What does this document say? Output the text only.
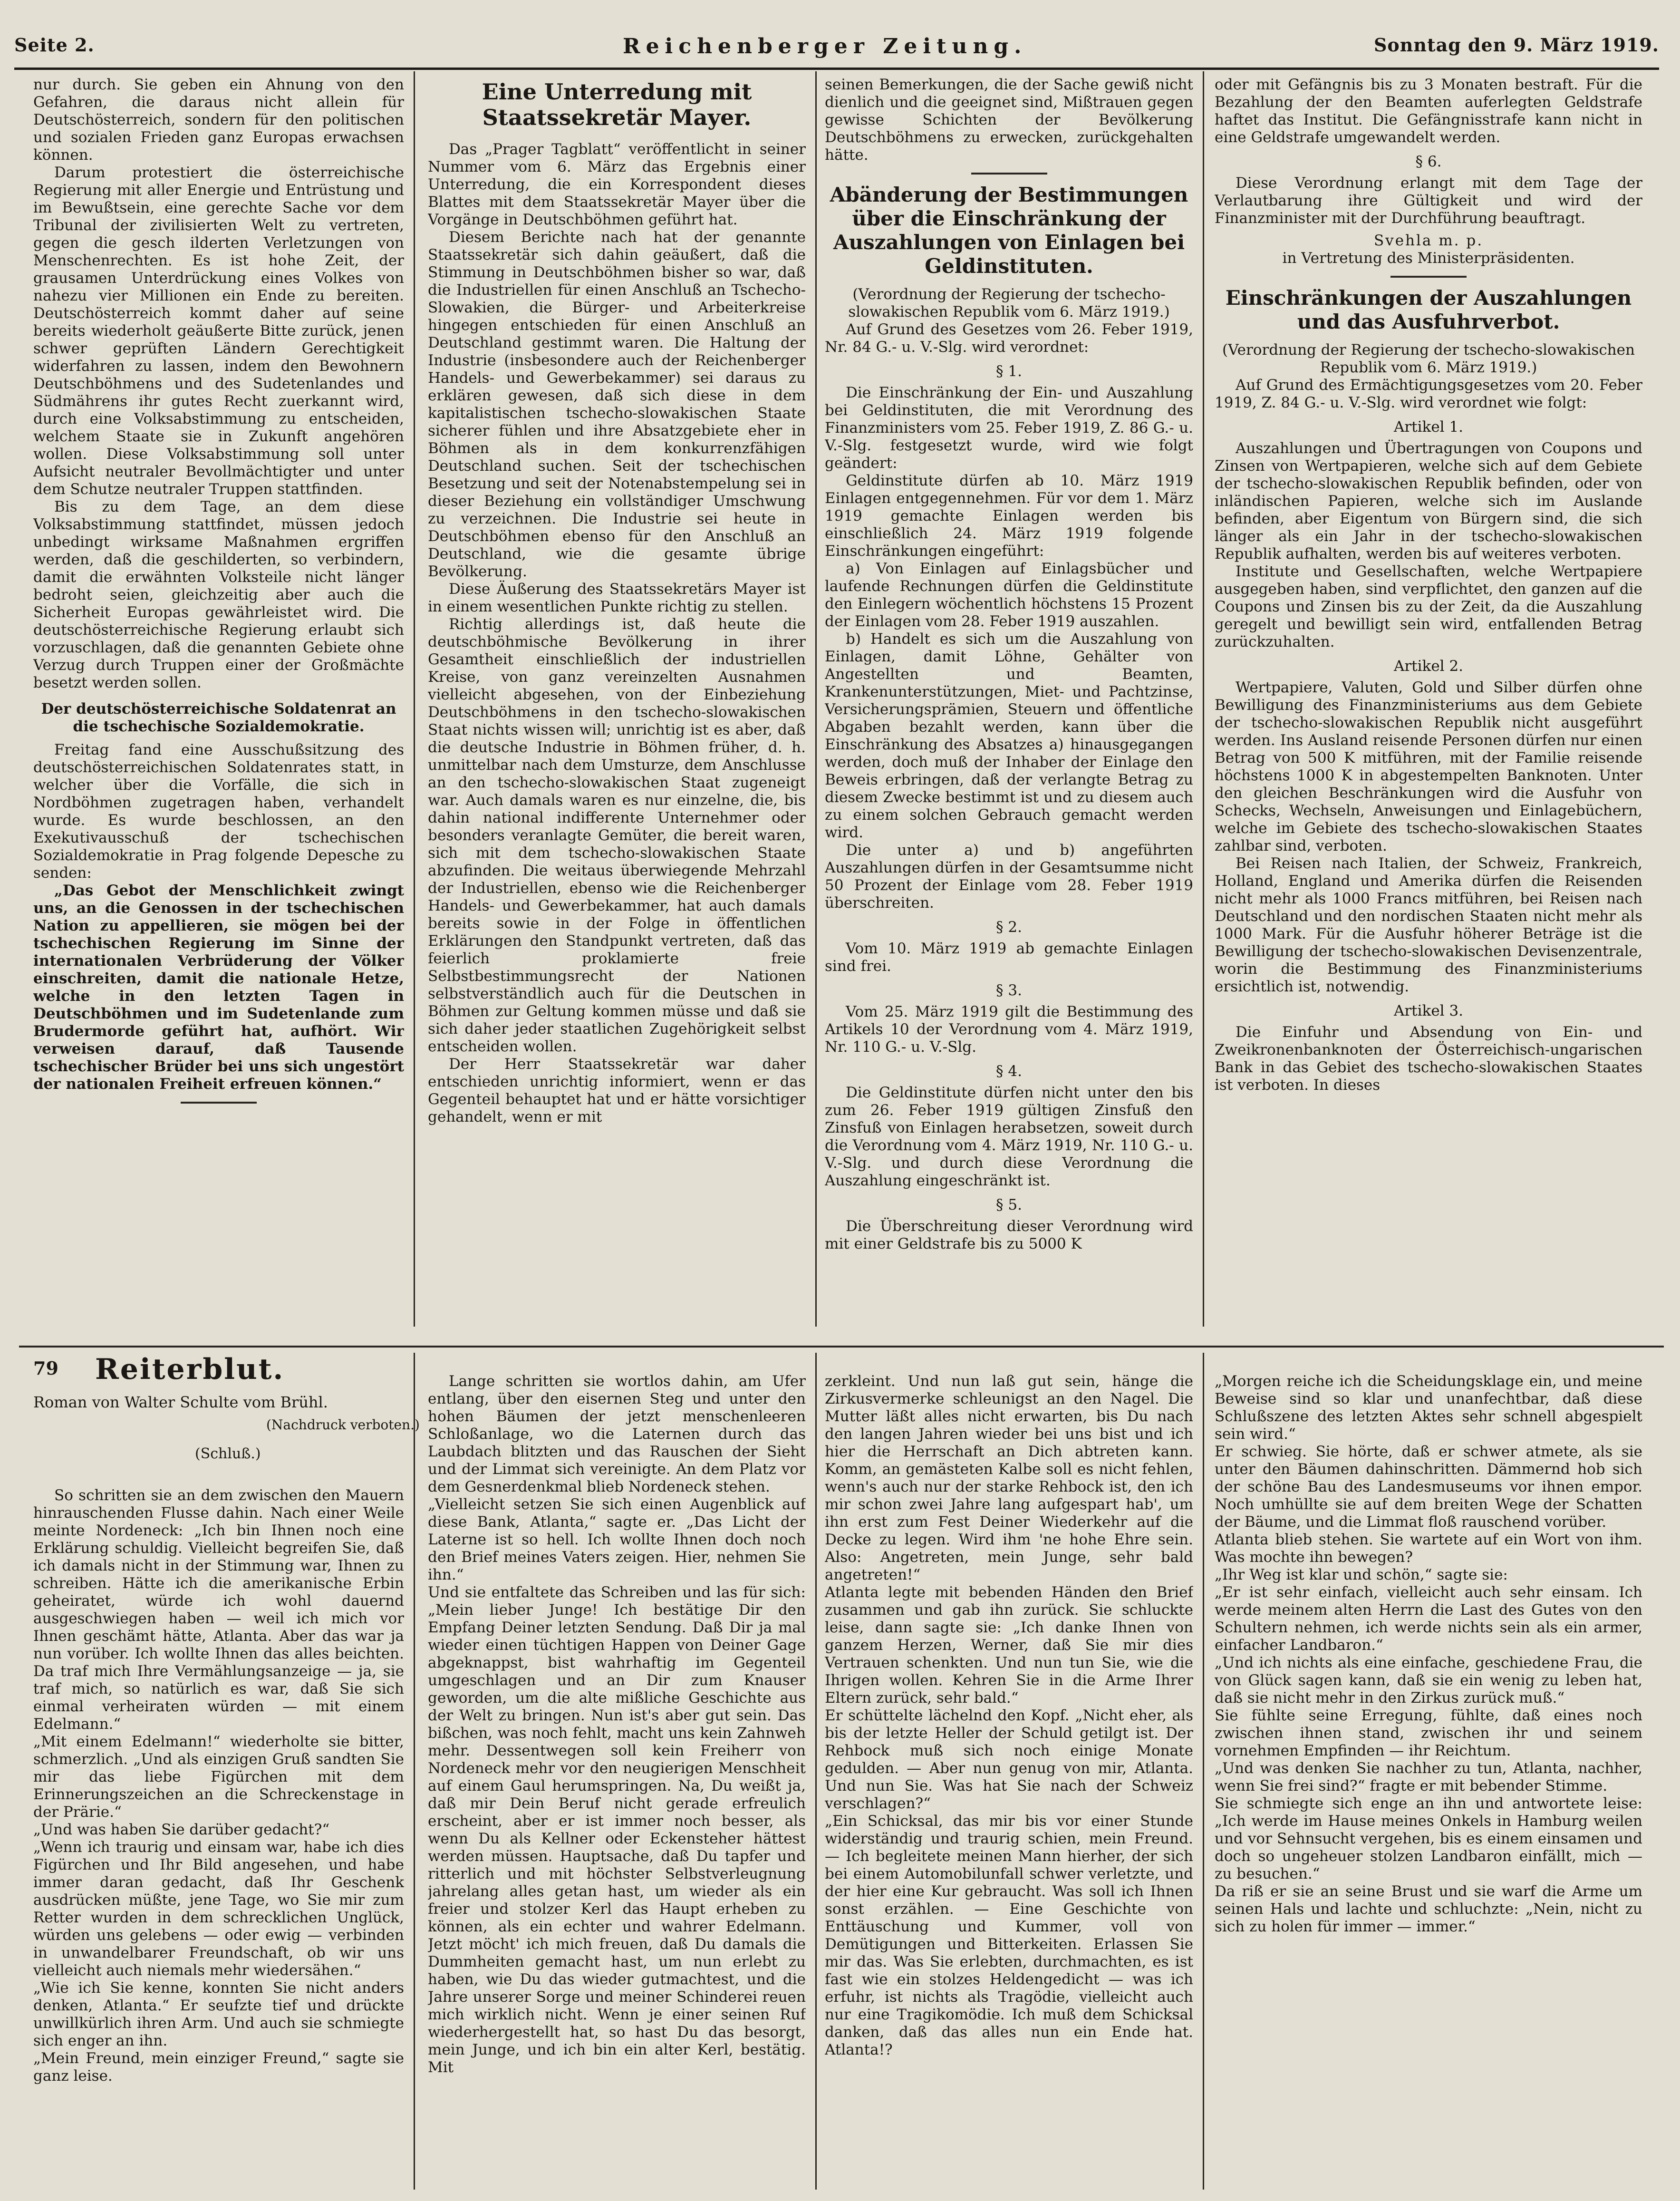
Seite 2.	Reichenberger Zeitung.	Sonntag den 9. März 1919.

nur durch. Sie geben ein Ahnung von den Gefahren, die daraus nicht allein für Deutschösterreich, sondern für den politischen und sozialen Frieden ganz Europas erwachsen können.

Darum protestiert die österreichische Regierung mit aller Energie und Entrüstung und im Bewußtsein, eine gerechte Sache vor dem Tribunal der zivilisierten Welt zu vertreten, gegen die gesch ilderten Verletzungen von Menschenrechten. Es ist hohe Zeit, der grausamen Unterdrückung eines Volkes von nahezu vier Millionen ein Ende zu bereiten. Deutschösterreich kommt daher auf seine bereits wiederholt geäußerte Bitte zurück, jenen schwer geprüften Ländern Gerechtigkeit widerfahren zu lassen, indem den Bewohnern Deutschböhmens und des Sudetenlandes und Südmährens ihr gutes Recht zuerkannt wird, durch eine Volksabstimmung zu entscheiden, welchem Staate sie in Zukunft angehören wollen. Diese Volksabstimmung soll unter Aufsicht neutraler Bevollmächtigter und unter dem Schutze neutraler Truppen stattfinden.

Bis zu dem Tage, an dem diese Volksabstimmung stattfindet, müssen jedoch unbedingt wirksame Maßnahmen ergriffen werden, daß die geschilderten, so verbindern, damit die erwähnten Volksteile nicht länger bedroht seien, gleichzeitig aber auch die Sicherheit Europas gewährleistet wird. Die deutschösterreichische Regierung erlaubt sich vorzuschlagen, daß die genannten Gebiete ohne Verzug durch Truppen einer der Großmächte besetzt werden sollen.

Der deutschösterreichische Soldatenrat an die tschechische Sozialdemokratie.

Freitag fand eine Ausschußsitzung des deutschösterreichischen Soldatenrates statt, in welcher über die Vorfälle, die sich in Nordböhmen zugetragen haben, verhandelt wurde. Es wurde beschlossen, an den Exekutivausschuß der tschechischen Sozialdemokratie in Prag folgende Depesche zu senden:

„Das Gebot der Menschlichkeit zwingt uns, an die Genossen in der tschechischen Nation zu appellieren, sie mögen bei der tschechischen Regierung im Sinne der internationalen Verbrüderung der Völker einschreiten, damit die nationale Hetze, welche in den letzten Tagen in Deutschböhmen und im Sudetenlande zum Brudermorde geführt hat, aufhört. Wir verweisen darauf, daß Tausende tschechischer Brüder bei uns sich ungestört der nationalen Freiheit erfreuen können.“

Eine Unterredung mit Staatssekretär Mayer.

Das „Prager Tagblatt“ veröffentlicht in seiner Nummer vom 6. März das Ergebnis einer Unterredung, die ein Korrespondent dieses Blattes mit dem Staatssekretär Mayer über die Vorgänge in Deutschböhmen geführt hat.

Diesem Berichte nach hat der genannte Staatssekretär sich dahin geäußert, daß die Stimmung in Deutschböhmen bisher so war, daß die Industriellen für einen Anschluß an Tschecho-Slowakien, die Bürger- und Arbeiterkreise hingegen entschieden für einen Anschluß an Deutschland gestimmt waren. Die Haltung der Industrie (insbesondere auch der Reichenberger Handels- und Gewerbekammer) sei daraus zu erklären gewesen, daß sich diese in dem kapitalistischen tschecho-slowakischen Staate sicherer fühlen und ihre Absatzgebiete eher in Böhmen als in dem konkurrenzfähigen Deutschland suchen. Seit der tschechischen Besetzung und seit der Notenabstempelung sei in dieser Beziehung ein vollständiger Umschwung zu verzeichnen. Die Industrie sei heute in Deutschböhmen ebenso für den Anschluß an Deutschland, wie die gesamte übrige Bevölkerung.

Diese Äußerung des Staatssekretärs Mayer ist in einem wesentlichen Punkte richtig zu stellen.

Richtig allerdings ist, daß heute die deutschböhmische Bevölkerung in ihrer Gesamtheit einschließlich der industriellen Kreise, von ganz vereinzelten Ausnahmen vielleicht abgesehen, von der Einbeziehung Deutschböhmens in den tschecho-slowakischen Staat nichts wissen will; unrichtig ist es aber, daß die deutsche Industrie in Böhmen früher, d. h. unmittelbar nach dem Umsturze, dem Anschlusse an den tschecho-slowakischen Staat zugeneigt war. Auch damals waren es nur einzelne, die, bis dahin national indifferente Unternehmer oder besonders veranlagte Gemüter, die bereit waren, sich mit dem tschecho-slowakischen Staate abzufinden. Die weitaus überwiegende Mehrzahl der Industriellen, ebenso wie die Reichenberger Handels- und Gewerbekammer, hat auch damals bereits sowie in der Folge in öffentlichen Erklärungen den Standpunkt vertreten, daß das feierlich proklamierte freie Selbstbestimmungsrecht der Nationen selbstverständlich auch für die Deutschen in Böhmen zur Geltung kommen müsse und daß sie sich daher jeder staatlichen Zugehörigkeit selbst entscheiden wollen.

Der Herr Staatssekretär war daher entschieden unrichtig informiert, wenn er das Gegenteil behauptet hat und er hätte vorsichtiger gehandelt, wenn er mit

seinen Bemerkungen, die der Sache gewiß nicht dienlich und die geeignet sind, Mißtrauen gegen gewisse Schichten der Bevölkerung Deutschböhmens zu erwecken, zurückgehalten hätte.

Abänderung der Bestimmungen über die Einschränkung der Auszahlungen von Einlagen bei Geldinstituten.

(Verordnung der Regierung der tschecho-slowakischen Republik vom 6. März 1919.)

Auf Grund des Gesetzes vom 26. Feber 1919, Nr. 84 G.- u. V.-Slg. wird verordnet:

§ 1.

Die Einschränkung der Ein- und Auszahlung bei Geldinstituten, die mit Verordnung des Finanzministers vom 25. Feber 1919, Z. 86 G.- u. V.-Slg. festgesetzt wurde, wird wie folgt geändert:

Geldinstitute dürfen ab 10. März 1919 Einlagen entgegennehmen. Für vor dem 1. März 1919 gemachte Einlagen werden bis einschließlich 24. März 1919 folgende Einschränkungen eingeführt:

a) Von Einlagen auf Einlagsbücher und laufende Rechnungen dürfen die Geldinstitute den Einlegern wöchentlich höchstens 15 Prozent der Einlagen vom 28. Feber 1919 auszahlen.

b) Handelt es sich um die Auszahlung von Einlagen, damit Löhne, Gehälter von Angestellten und Beamten, Krankenunterstützungen, Miet- und Pachtzinse, Versicherungsprämien, Steuern und öffentliche Abgaben bezahlt werden, kann über die Einschränkung des Absatzes a) hinausgegangen werden, doch muß der Inhaber der Einlage den Beweis erbringen, daß der verlangte Betrag zu diesem Zwecke bestimmt ist und zu diesem auch zu einem solchen Gebrauch gemacht werden wird.

Die unter a) und b) angeführten Auszahlungen dürfen in der Gesamtsumme nicht 50 Prozent der Einlage vom 28. Feber 1919 überschreiten.

§ 2.

Vom 10. März 1919 ab gemachte Einlagen sind frei.

§ 3.

Vom 25. März 1919 gilt die Bestimmung des Artikels 10 der Verordnung vom 4. März 1919, Nr. 110 G.- u. V.-Slg.

§ 4.

Die Geldinstitute dürfen nicht unter den bis zum 26. Feber 1919 gültigen Zinsfuß den Zinsfuß von Einlagen herabsetzen, soweit durch die Verordnung vom 4. März 1919, Nr. 110 G.- u. V.-Slg. und durch diese Verordnung die Auszahlung eingeschränkt ist.

§ 5.

Die Überschreitung dieser Verordnung wird mit einer Geldstrafe bis zu 5000 K

oder mit Gefängnis bis zu 3 Monaten bestraft. Für die Bezahlung der den Beamten auferlegten Geldstrafe haftet das Institut. Die Gefängnisstrafe kann nicht in eine Geldstrafe umgewandelt werden.

§ 6.

Diese Verordnung erlangt mit dem Tage der Verlautbarung ihre Gültigkeit und wird der Finanzminister mit der Durchführung beauftragt.

Svehla m. p.

in Vertretung des Ministerpräsidenten.

Einschränkungen der Auszahlungen und das Ausfuhrverbot.

(Verordnung der Regierung der tschecho-slowakischen Republik vom 6. März 1919.)

Auf Grund des Ermächtigungsgesetzes vom 20. Feber 1919, Z. 84 G.- u. V.-Slg. wird verordnet wie folgt:

Artikel 1.

Auszahlungen und Übertragungen von Coupons und Zinsen von Wertpapieren, welche sich auf dem Gebiete der tschecho-slowakischen Republik befinden, oder von inländischen Papieren, welche sich im Auslande befinden, aber Eigentum von Bürgern sind, die sich länger als ein Jahr in der tschecho-slowakischen Republik aufhalten, werden bis auf weiteres verboten.

Institute und Gesellschaften, welche Wertpapiere ausgegeben haben, sind verpflichtet, den ganzen auf die Coupons und Zinsen bis zu der Zeit, da die Auszahlung geregelt und bewilligt sein wird, entfallenden Betrag zurückzuhalten.

Artikel 2.

Wertpapiere, Valuten, Gold und Silber dürfen ohne Bewilligung des Finanzministeriums aus dem Gebiete der tschecho-slowakischen Republik nicht ausgeführt werden. Ins Ausland reisende Personen dürfen nur einen Betrag von 500 K mitführen, mit der Familie reisende höchstens 1000 K in abgestempelten Banknoten. Unter den gleichen Beschränkungen wird die Ausfuhr von Schecks, Wechseln, Anweisungen und Einlagebüchern, welche im Gebiete des tschecho-slowakischen Staates zahlbar sind, verboten.

Bei Reisen nach Italien, der Schweiz, Frankreich, Holland, England und Amerika dürfen die Reisenden nicht mehr als 1000 Francs mitführen, bei Reisen nach Deutschland und den nordischen Staaten nicht mehr als 1000 Mark. Für die Ausfuhr höherer Beträge ist die Bewilligung der tschecho-slowakischen Devisenzentrale, worin die Bestimmung des Finanzministeriums ersichtlich ist, notwendig.

Artikel 3.

Die Einfuhr und Absendung von Ein- und Zweikronenbanknoten der Österreichisch-ungarischen Bank in das Gebiet des tschecho-slowakischen Staates ist verboten. In dieses

79 Reiterblut.
Roman von Walter Schulte vom Brühl.
(Nachdruck verboten.)
(Schluß.)

So schritten sie an dem zwischen den Mauern hinrauschenden Flusse dahin. Nach einer Weile meinte Nordeneck: „Ich bin Ihnen noch eine Erklärung schuldig. Vielleicht begreifen Sie, daß ich damals nicht in der Stimmung war, Ihnen zu schreiben. Hätte ich die amerikanische Erbin geheiratet, würde ich wohl dauernd ausgeschwiegen haben — weil ich mich vor Ihnen geschämt hätte, Atlanta. Aber das war ja nun vorüber. Ich wollte Ihnen das alles beichten. Da traf mich Ihre Vermählungsanzeige — ja, sie traf mich, so natürlich es war, daß Sie sich einmal verheiraten würden — mit einem Edelmann.“
„Mit einem Edelmann!“ wiederholte sie bitter, schmerzlich. „Und als einzigen Gruß sandten Sie mir das liebe Figürchen mit dem Erinnerungszeichen an die Schreckenstage in der Prärie.“
„Und was haben Sie darüber gedacht?“
„Wenn ich traurig und einsam war, habe ich dies Figürchen und Ihr Bild angesehen, und habe immer daran gedacht, daß Ihr Geschenk ausdrücken müßte, jene Tage, wo Sie mir zum Retter wurden in dem schrecklichen Unglück, würden uns gelebens — oder ewig — verbinden in unwandelbarer Freundschaft, ob wir uns vielleicht auch niemals mehr wiedersähen.“
„Wie ich Sie kenne, konnten Sie nicht anders denken, Atlanta.“ Er seufzte tief und drückte unwillkürlich ihren Arm. Und auch sie schmiegte sich enger an ihn.
„Mein Freund, mein einziger Freund,“ sagte sie ganz leise.

Lange schritten sie wortlos dahin, am Ufer entlang, über den eisernen Steg und unter den hohen Bäumen der jetzt menschenleeren Schloßanlage, wo die Laternen durch das Laubdach blitzten und das Rauschen der Sieht und der Limmat sich vereinigte. An dem Platz vor dem Gesnerdenkmal blieb Nordeneck stehen.
„Vielleicht setzen Sie sich einen Augenblick auf diese Bank, Atlanta,“ sagte er. „Das Licht der Laterne ist so hell. Ich wollte Ihnen doch noch den Brief meines Vaters zeigen. Hier, nehmen Sie ihn.“
Und sie entfaltete das Schreiben und las für sich: „Mein lieber Junge! Ich bestätige Dir den Empfang Deiner letzten Sendung. Daß Dir ja mal wieder einen tüchtigen Happen von Deiner Gage abgeknappst, bist wahrhaftig im Gegenteil umgeschlagen und an Dir zum Knauser geworden, um die alte mißliche Geschichte aus der Welt zu bringen. Nun ist's aber gut sein. Das bißchen, was noch fehlt, macht uns kein Zahnweh mehr. Dessentwegen soll kein Freiherr von Nordeneck mehr vor den neugierigen Menschheit auf einem Gaul herumspringen. Na, Du weißt ja, daß mir Dein Beruf nicht gerade erfreulich erscheint, aber er ist immer noch besser, als wenn Du als Kellner oder Eckensteher hättest werden müssen. Hauptsache, daß Du tapfer und ritterlich und mit höchster Selbstverleugnung jahrelang alles getan hast, um wieder als ein freier und stolzer Kerl das Haupt erheben zu können, als ein echter und wahrer Edelmann. Jetzt möcht' ich mich freuen, daß Du damals die Dummheiten gemacht hast, um nun erlebt zu haben, wie Du das wieder gutmachtest, und die Jahre unserer Sorge und meiner Schinderei reuen mich wirklich nicht. Wenn je einer seinen Ruf wiederhergestellt hat, so hast Du das besorgt, mein Junge, und ich bin ein alter Kerl, bestätig. Mit

zerkleint. Und nun laß gut sein, hänge die Zirkusvermerke schleunigst an den Nagel. Die Mutter läßt alles nicht erwarten, bis Du nach den langen Jahren wieder bei uns bist und ich hier die Herrschaft an Dich abtreten kann. Komm, an gemästeten Kalbe soll es nicht fehlen, wenn's auch nur der starke Rehbock ist, den ich mir schon zwei Jahre lang aufgespart hab', um ihn erst zum Fest Deiner Wiederkehr auf die Decke zu legen. Wird ihm 'ne hohe Ehre sein. Also: Angetreten, mein Junge, sehr bald angetreten!“
Atlanta legte mit bebenden Händen den Brief zusammen und gab ihn zurück. Sie schluckte leise, dann sagte sie: „Ich danke Ihnen von ganzem Herzen, Werner, daß Sie mir dies Vertrauen schenkten. Und nun tun Sie, wie die Ihrigen wollen. Kehren Sie in die Arme Ihrer Eltern zurück, sehr bald.“
Er schüttelte lächelnd den Kopf. „Nicht eher, als bis der letzte Heller der Schuld getilgt ist. Der Rehbock muß sich noch einige Monate gedulden. — Aber nun genug von mir, Atlanta. Und nun Sie. Was hat Sie nach der Schweiz verschlagen?“
„Ein Schicksal, das mir bis vor einer Stunde widerständig und traurig schien, mein Freund. — Ich begleitete meinen Mann hierher, der sich bei einem Automobilunfall schwer verletzte, und der hier eine Kur gebraucht. Was soll ich Ihnen sonst erzählen. — Eine Geschichte von Enttäuschung und Kummer, voll von Demütigungen und Bitterkeiten. Erlassen Sie mir das. Was Sie erlebten, durchmachten, es ist fast wie ein stolzes Heldengedicht — was ich erfuhr, ist nichts als Tragödie, vielleicht auch nur eine Tragikomödie. Ich muß dem Schicksal danken, daß das alles nun ein Ende hat. Atlanta!?

„Morgen reiche ich die Scheidungsklage ein, und meine Beweise sind so klar und unanfechtbar, daß diese Schlußszene des letzten Aktes sehr schnell abgespielt sein wird.“
Er schwieg. Sie hörte, daß er schwer atmete, als sie unter den Bäumen dahinschritten. Dämmernd hob sich der schöne Bau des Landesmuseums vor ihnen empor. Noch umhüllte sie auf dem breiten Wege der Schatten der Bäume, und die Limmat floß rauschend vorüber.
Atlanta blieb stehen. Sie wartete auf ein Wort von ihm. Was mochte ihn bewegen?
„Ihr Weg ist klar und schön,“ sagte sie:
„Er ist sehr einfach, vielleicht auch sehr einsam. Ich werde meinem alten Herrn die Last des Gutes von den Schultern nehmen, ich werde nichts sein als ein armer, einfacher Landbaron.“
„Und ich nichts als eine einfache, geschiedene Frau, die von Glück sagen kann, daß sie ein wenig zu leben hat, daß sie nicht mehr in den Zirkus zurück muß.“
Sie fühlte seine Erregung, fühlte, daß eines noch zwischen ihnen stand, zwischen ihr und seinem vornehmen Empfinden — ihr Reichtum.
„Und was denken Sie nachher zu tun, Atlanta, nachher, wenn Sie frei sind?“ fragte er mit bebender Stimme.
Sie schmiegte sich enge an ihn und antwortete leise: „Ich werde im Hause meines Onkels in Hamburg weilen und vor Sehnsucht vergehen, bis es einem einsamen und doch so ungeheuer stolzen Landbaron einfällt, mich — zu besuchen.“
Da riß er sie an seine Brust und sie warf die Arme um seinen Hals und lachte und schluchzte: „Nein, nicht zu sich zu holen für immer — immer.“
